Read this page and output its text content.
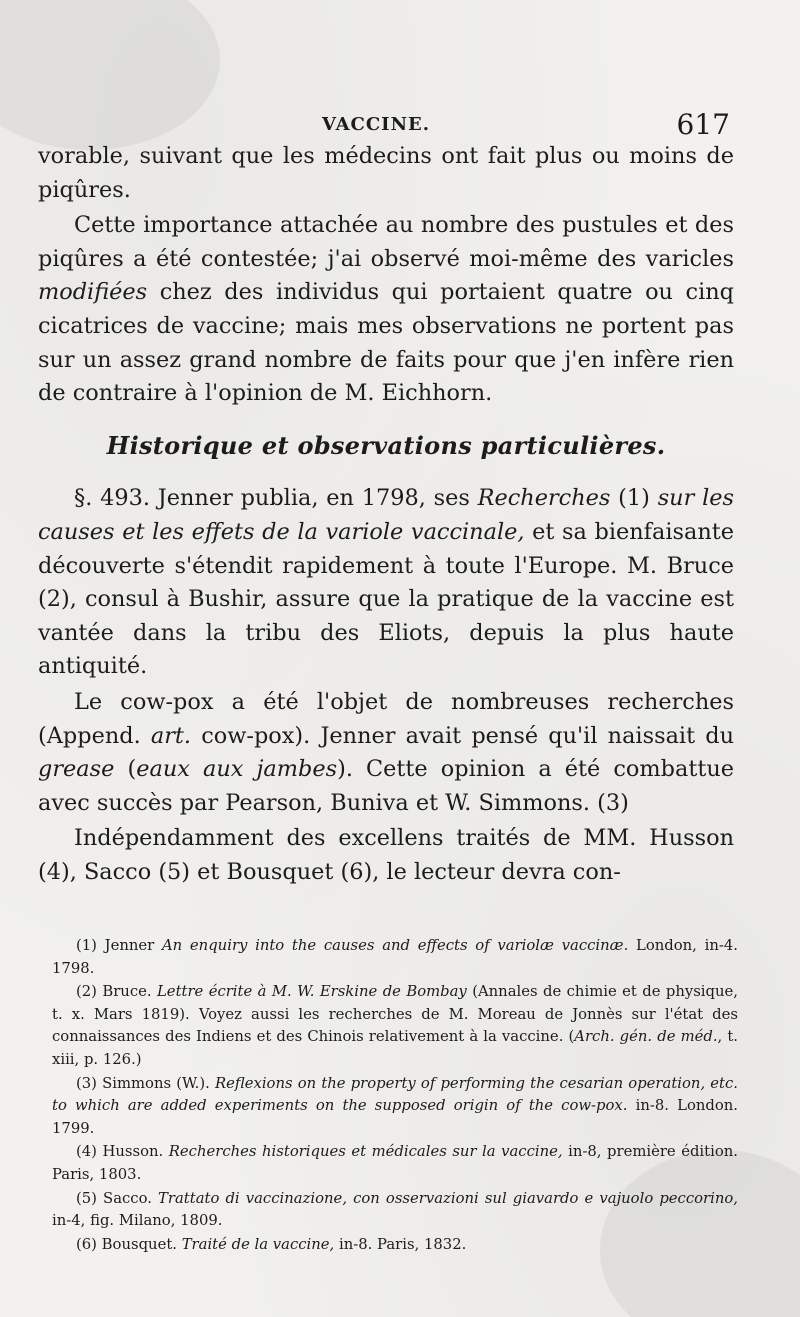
VACCINE.	617

vorable, suivant que les médecins ont fait plus ou moins de piqûres.

Cette importance attachée au nombre des pustules et des piqûres a été contestée; j'ai observé moi-même des varicles modifiées chez des individus qui portaient quatre ou cinq cicatrices de vaccine; mais mes observations ne portent pas sur un assez grand nombre de faits pour que j'en infère rien de contraire à l'opinion de M. Eichhorn.

Historique et observations particulières.

§. 493. Jenner publia, en 1798, ses Recherches (1) sur les causes et les effets de la variole vaccinale, et sa bienfaisante découverte s'étendit rapidement à toute l'Europe. M. Bruce (2), consul à Bushir, assure que la pratique de la vaccine est vantée dans la tribu des Eliots, depuis la plus haute antiquité.

Le cow-pox a été l'objet de nombreuses recherches (Append. art. cow-pox). Jenner avait pensé qu'il naissait du grease (eaux aux jambes). Cette opinion a été combattue avec succès par Pearson, Buniva et W. Simmons. (3)

Indépendamment des excellens traités de MM. Husson (4), Sacco (5) et Bousquet (6), le lecteur devra con-

(1) Jenner An enquiry into the causes and effects of variolæ vaccinæ. London, in-4. 1798.

(2) Bruce. Lettre écrite à M. W. Erskine de Bombay (Annales de chimie et de physique, t. x. Mars 1819). Voyez aussi les recherches de M. Moreau de Jonnès sur l'état des connaissances des Indiens et des Chinois relativement à la vaccine. (Arch. gén. de méd., t. xiii, p. 126.)

(3) Simmons (W.). Reflexions on the property of performing the cesarian operation, etc. to which are added experiments on the supposed origin of the cow-pox. in-8. London. 1799.

(4) Husson. Recherches historiques et médicales sur la vaccine, in-8, première édition. Paris, 1803.

(5) Sacco. Trattato di vaccinazione, con osservazioni sul giavardo e vajuolo peccorino, in-4, fig. Milano, 1809.

(6) Bousquet. Traité de la vaccine, in-8. Paris, 1832.
